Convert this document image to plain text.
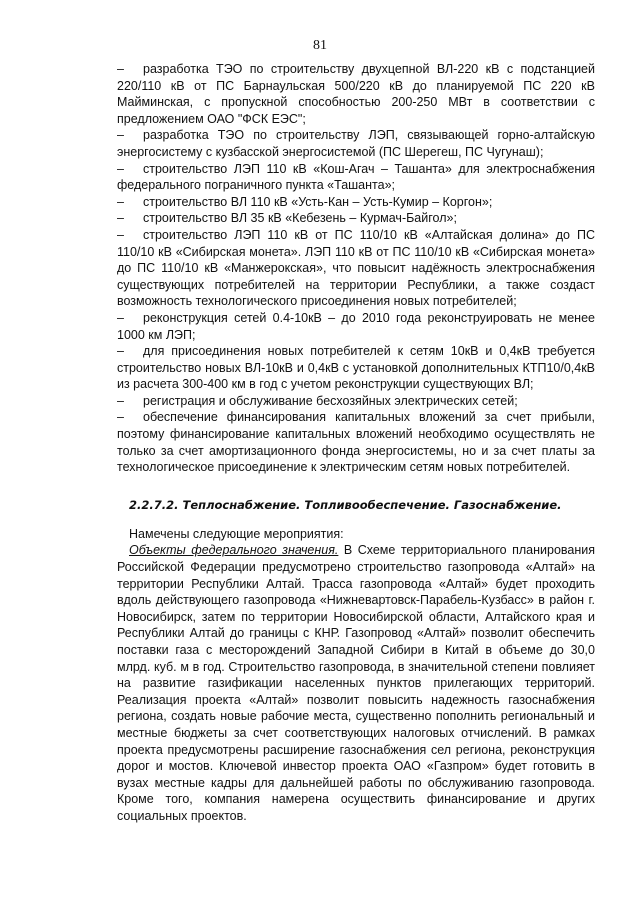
81

– разработка ТЭО по строительству двухцепной ВЛ-220 кВ с подстанцией 220/110 кВ от ПС Барнаульская 500/220 кВ до планируемой ПС 220 кВ Майминская, с пропускной способностью 200-250 МВт в соответствии с предложением ОАО "ФСК ЕЭС";

– разработка ТЭО по строительству ЛЭП, связывающей горно-алтайскую энергосистему с кузбасской энергосистемой (ПС Шерегеш, ПС Чугунаш);

– строительство ЛЭП 110 кВ «Кош-Агач – Ташанта» для электроснабжения федерального пограничного пункта «Ташанта»;

– строительство ВЛ 110 кВ «Усть-Кан – Усть-Кумир – Коргон»;

– строительство ВЛ 35 кВ «Кебезень – Курмач-Байгол»;

– строительство ЛЭП 110 кВ от ПС 110/10 кВ «Алтайская долина» до ПС 110/10 кВ «Сибирская монета». ЛЭП 110 кВ от ПС 110/10 кВ «Сибирская монета» до ПС 110/10 кВ «Манжерокская», что повысит надёжность электроснабжения существующих потребителей на территории Республики, а также создаст возможность технологического присоединения новых потребителей;

– реконструкция сетей 0.4-10кВ – до 2010 года реконструировать не менее 1000 км ЛЭП;

– для присоединения новых потребителей к сетям 10кВ и 0,4кВ требуется строительство новых ВЛ-10кВ и 0,4кВ с установкой дополнительных КТП10/0,4кВ из расчета 300-400 км в год с учетом реконструкции существующих ВЛ;

– регистрация и обслуживание бесхозяйных электрических сетей;

– обеспечение финансирования капитальных вложений за счет прибыли, поэтому финансирование капитальных вложений необходимо осуществлять не только за счет амортизационного фонда энергосистемы, но и за счет платы за технологическое присоединение к электрическим сетям новых потребителей.

2.2.7.2. Теплоснабжение. Топливообеспечение. Газоснабжение.

Намечены следующие мероприятия:

Объекты федерального значения. В Схеме территориального планирования Российской Федерации предусмотрено строительство газопровода «Алтай» на территории Республики Алтай. Трасса газопровода «Алтай» будет проходить вдоль действующего газопровода «Нижневартовск-Парабель-Кузбасс» в район г. Новосибирск, затем по территории Новосибирской области, Алтайского края и Республики Алтай до границы с КНР. Газопровод «Алтай» позволит обеспечить поставки газа с месторождений Западной Сибири в Китай в объеме до 30,0 млрд. куб. м в год. Строительство газопровода, в значительной степени повлияет на развитие газификации населенных пунктов прилегающих территорий. Реализация проекта «Алтай» позволит повысить надежность газоснабжения региона, создать новые рабочие места, существенно пополнить региональный и местные бюджеты за счет соответствующих налоговых отчислений. В рамках проекта предусмотрены расширение газоснабжения сел региона, реконструкция дорог и мостов. Ключевой инвестор проекта ОАО «Газпром» будет готовить в вузах местные кадры для дальнейшей работы по обслуживанию газопровода. Кроме того, компания намерена осуществить финансирование и других социальных проектов.
